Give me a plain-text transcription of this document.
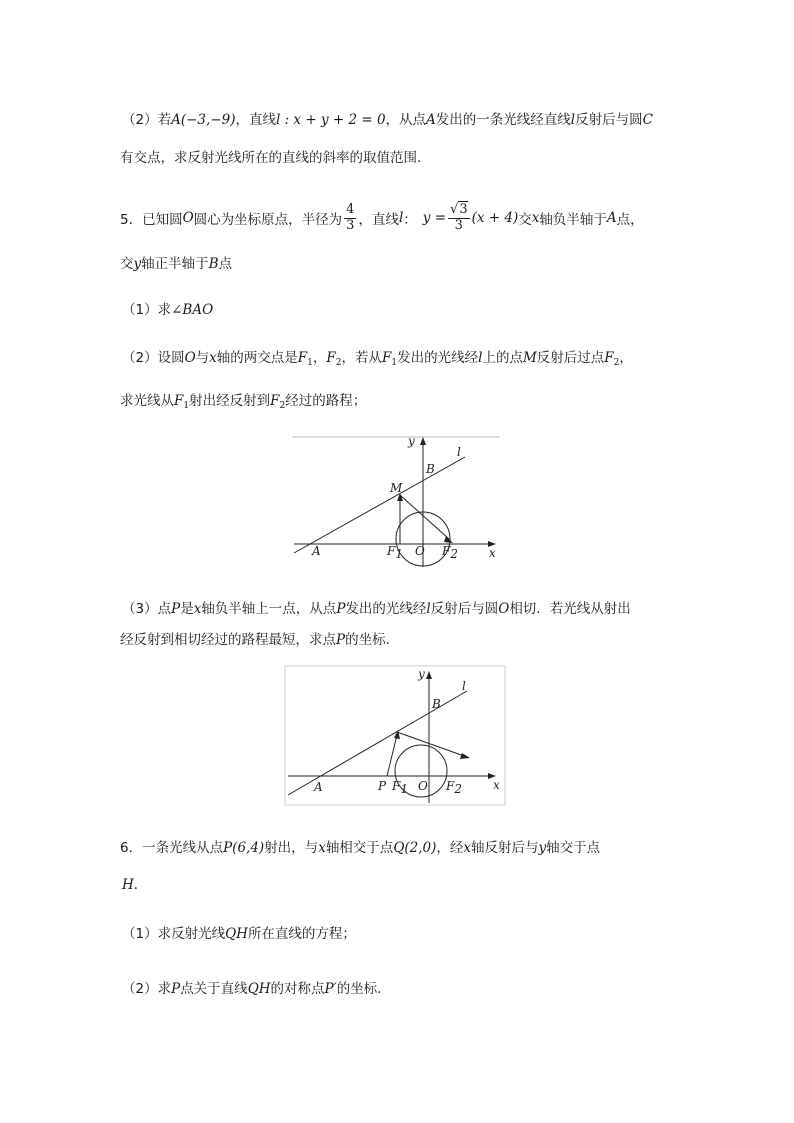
（2）若A(−3,−9)，直线l : x + y + 2 = 0，从点A发出的一条光线经直线l反射后与圆C
有交点，求反射光线所在的直线的斜率的取值范围.
5．已知圆 O 圆心为坐标原点，半径为 $\frac{4}{3}$ ，直线 l ： $y = \frac{√3}{3} (x + 4)$ 交 x 轴负半轴于 A 点，
交y轴正半轴于B点
（1）求∠BAO
（2）设圆O与x轴的两交点是$F_1$，$F_2$，若从$F_1$发出的光线经l上的点M反射后过点$F_2$，
求光线从$F_1$射出经反射到$F_2$经过的路程；
y
l
B
M
A	F1 O F2	x
（3）点P是x轴负半轴上一点，从点P发出的光线经l反射后与圆O相切．若光线从射出
经反射到相切经过的路程最短，求点P的坐标.
y
l
B
A	P F1 O F2	x
6．一条光线从点P(6,4)射出，与x轴相交于点Q(2,0)，经x轴反射后与y轴交于点
H．
（1）求反射光线QH所在直线的方程；
（2）求P点关于直线QH的对称点P′的坐标.
